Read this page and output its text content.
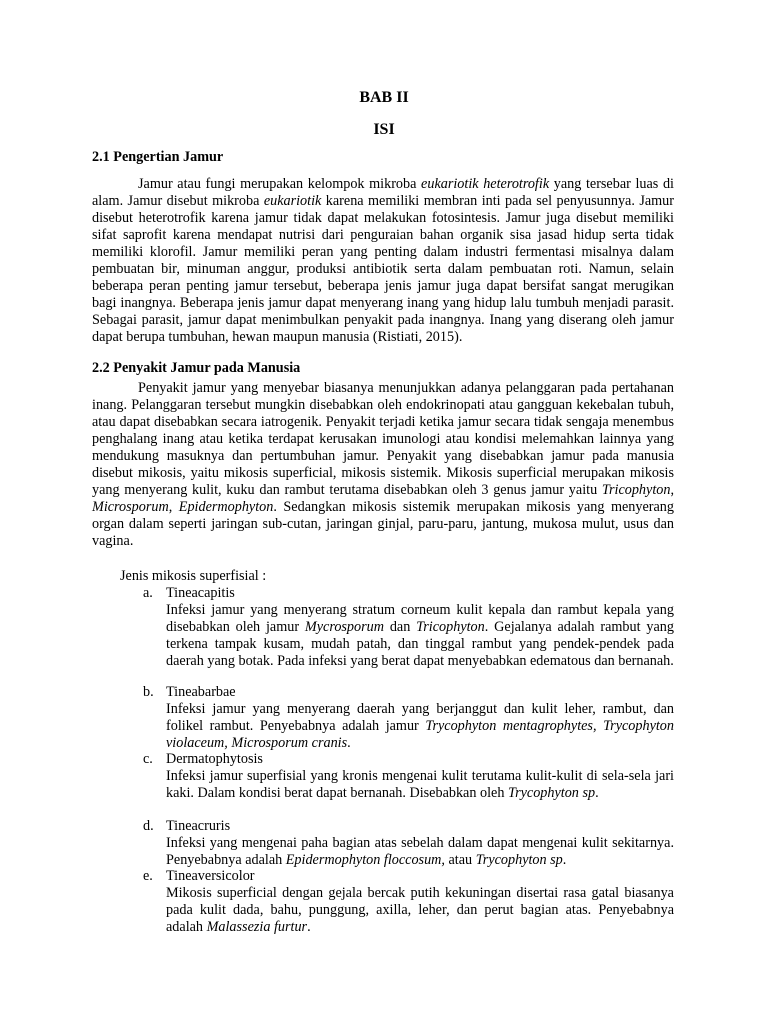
BAB II
ISI
2.1 Pengertian Jamur
Jamur atau fungi merupakan kelompok mikroba eukariotik heterotrofik yang tersebar luas di alam. Jamur disebut mikroba eukariotik karena memiliki membran inti pada sel penyusunnya. Jamur disebut heterotrofik karena jamur tidak dapat melakukan fotosintesis. Jamur juga disebut memiliki sifat saprofit karena mendapat nutrisi dari penguraian bahan organik sisa jasad hidup serta tidak memiliki klorofil. Jamur memiliki peran yang penting dalam industri fermentasi misalnya dalam pembuatan bir, minuman anggur, produksi antibiotik serta dalam pembuatan roti. Namun, selain beberapa peran penting jamur tersebut, beberapa jenis jamur juga dapat bersifat sangat merugikan bagi inangnya. Beberapa jenis jamur dapat menyerang inang yang hidup lalu tumbuh menjadi parasit. Sebagai parasit, jamur dapat menimbulkan penyakit pada inangnya. Inang yang diserang oleh jamur dapat berupa tumbuhan, hewan maupun manusia (Ristiati, 2015).
2.2 Penyakit Jamur pada Manusia
Penyakit jamur yang menyebar biasanya menunjukkan adanya pelanggaran pada pertahanan inang. Pelanggaran tersebut mungkin disebabkan oleh endokrinopati atau gangguan kekebalan tubuh, atau dapat disebabkan secara iatrogenik. Penyakit terjadi ketika jamur secara tidak sengaja menembus penghalang inang atau ketika terdapat kerusakan imunologi atau kondisi melemahkan lainnya yang mendukung masuknya dan pertumbuhan jamur. Penyakit yang disebabkan jamur pada manusia disebut mikosis, yaitu mikosis superficial, mikosis sistemik. Mikosis superficial merupakan mikosis yang menyerang kulit, kuku dan rambut terutama disebabkan oleh 3 genus jamur yaitu Tricophyton, Microsporum, Epidermophyton. Sedangkan mikosis sistemik merupakan mikosis yang menyerang organ dalam seperti jaringan sub-cutan, jaringan ginjal, paru-paru, jantung, mukosa mulut, usus dan vagina.
Jenis mikosis superfisial :
a. Tineacapitis
Infeksi jamur yang menyerang stratum corneum kulit kepala dan rambut kepala yang disebabkan oleh jamur Mycrosporum dan Tricophyton. Gejalanya adalah rambut yang terkena tampak kusam, mudah patah, dan tinggal rambut yang pendek-pendek pada daerah yang botak. Pada infeksi yang berat dapat menyebabkan edematous dan bernanah.
b. Tineabarbae
Infeksi jamur yang menyerang daerah yang berjanggut dan kulit leher, rambut, dan folikel rambut. Penyebabnya adalah jamur Trycophyton mentagrophytes, Trycophyton violaceum, Microsporum cranis.
c. Dermatophytosis
Infeksi jamur superfisial yang kronis mengenai kulit terutama kulit-kulit di sela-sela jari kaki. Dalam kondisi berat dapat bernanah. Disebabkan oleh Trycophyton sp.
d. Tineacruris
Infeksi yang mengenai paha bagian atas sebelah dalam dapat mengenai kulit sekitarnya. Penyebabnya adalah Epidermophyton floccosum, atau Trycophyton sp.
e. Tineaversicolor
Mikosis superficial dengan gejala bercak putih kekuningan disertai rasa gatal biasanya pada kulit dada, bahu, punggung, axilla, leher, dan perut bagian atas. Penyebabnya adalah Malassezia furtur.
